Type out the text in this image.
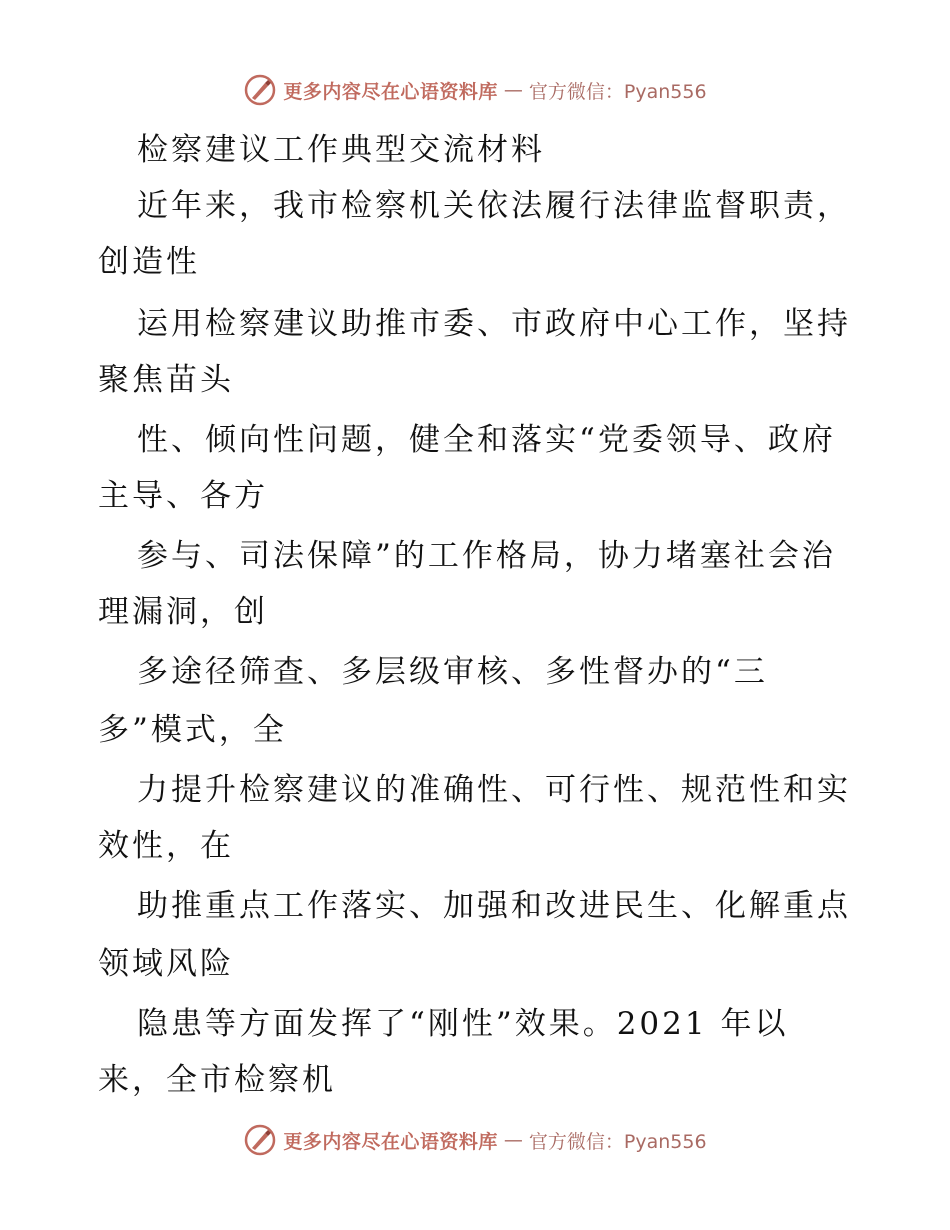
更多内容尽在心语资料库 — 官方微信：Pyan556
检察建议工作典型交流材料
近年来，我市检察机关依法履行法律监督职责，
创造性
运用检察建议助推市委、市政府中心工作，坚持
聚焦苗头
性、倾向性问题，健全和落实“党委领导、政府
主导、各方
参与、司法保障”的工作格局，协力堵塞社会治
理漏洞，创
多途径筛查、多层级审核、多性督办的“三
多”模式，全
力提升检察建议的准确性、可行性、规范性和实
效性，在
助推重点工作落实、加强和改进民生、化解重点
领域风险
隐患等方面发挥了“刚性”效果。2021 年以
来，全市检察机
更多内容尽在心语资料库 — 官方微信：Pyan556
